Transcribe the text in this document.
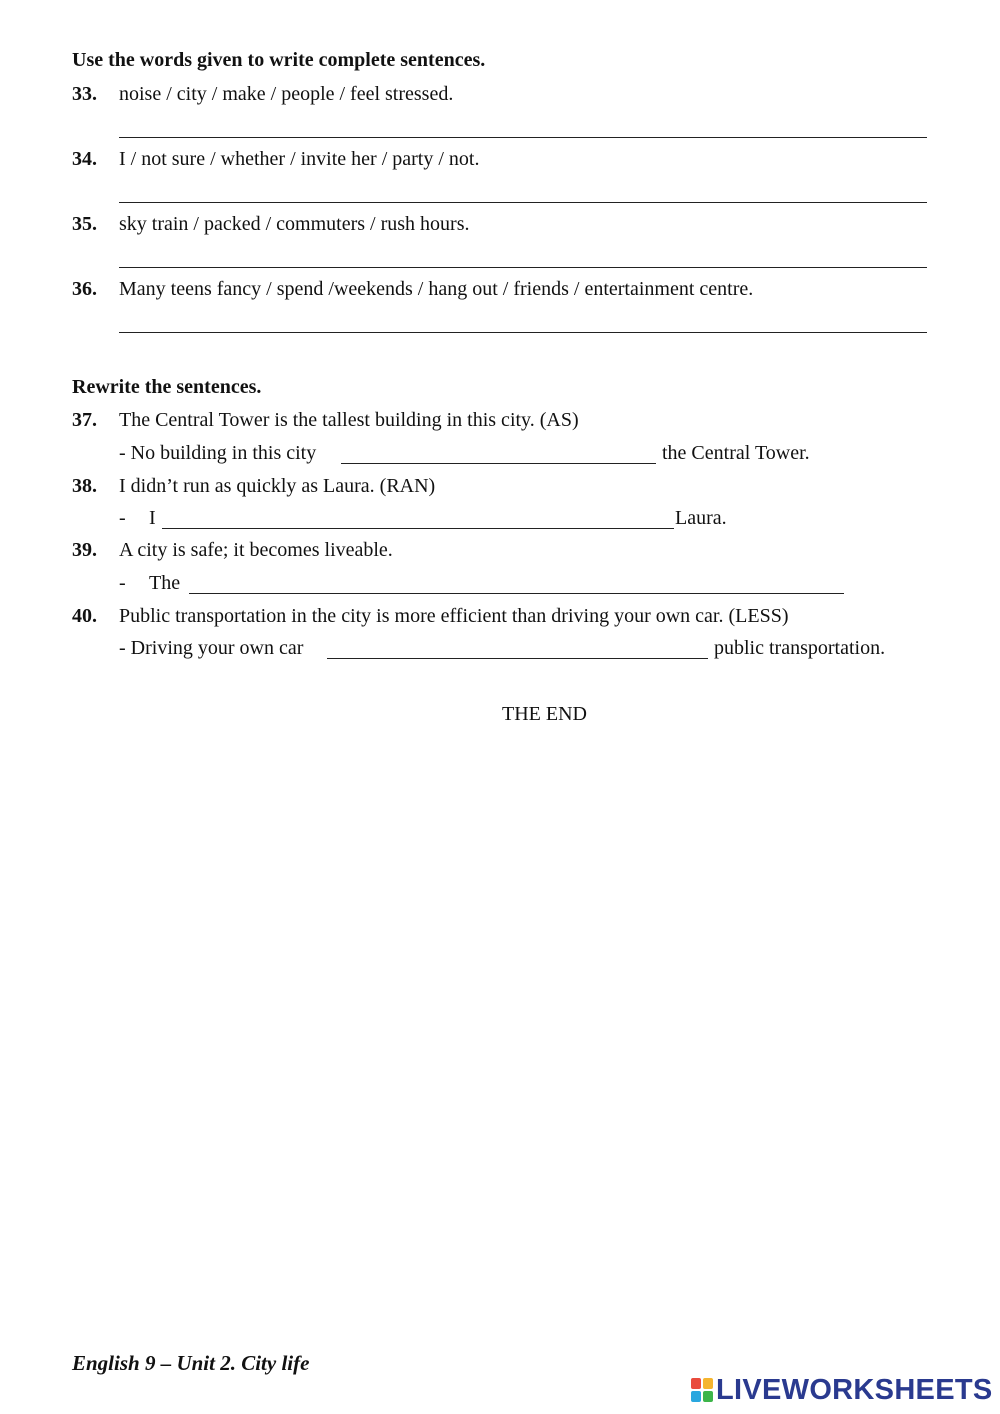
Use the words given to write complete sentences.
33. noise / city / make / people / feel stressed.
34. I / not sure / whether / invite her / party / not.
35. sky train / packed / commuters / rush hours.
36. Many teens fancy / spend /weekends / hang out / friends / entertainment centre.
Rewrite the sentences.
37. The Central Tower is the tallest building in this city. (AS)
- No building in this city	the Central Tower.
38. I didn’t run as quickly as Laura. (RAN)
- I	Laura.
39. A city is safe; it becomes liveable.
- The
40. Public transportation in the city is more efficient than driving your own car. (LESS)
- Driving your own car	public transportation.
THE END
English 9 – Unit 2. City life
LIVEWORKSHEETS
